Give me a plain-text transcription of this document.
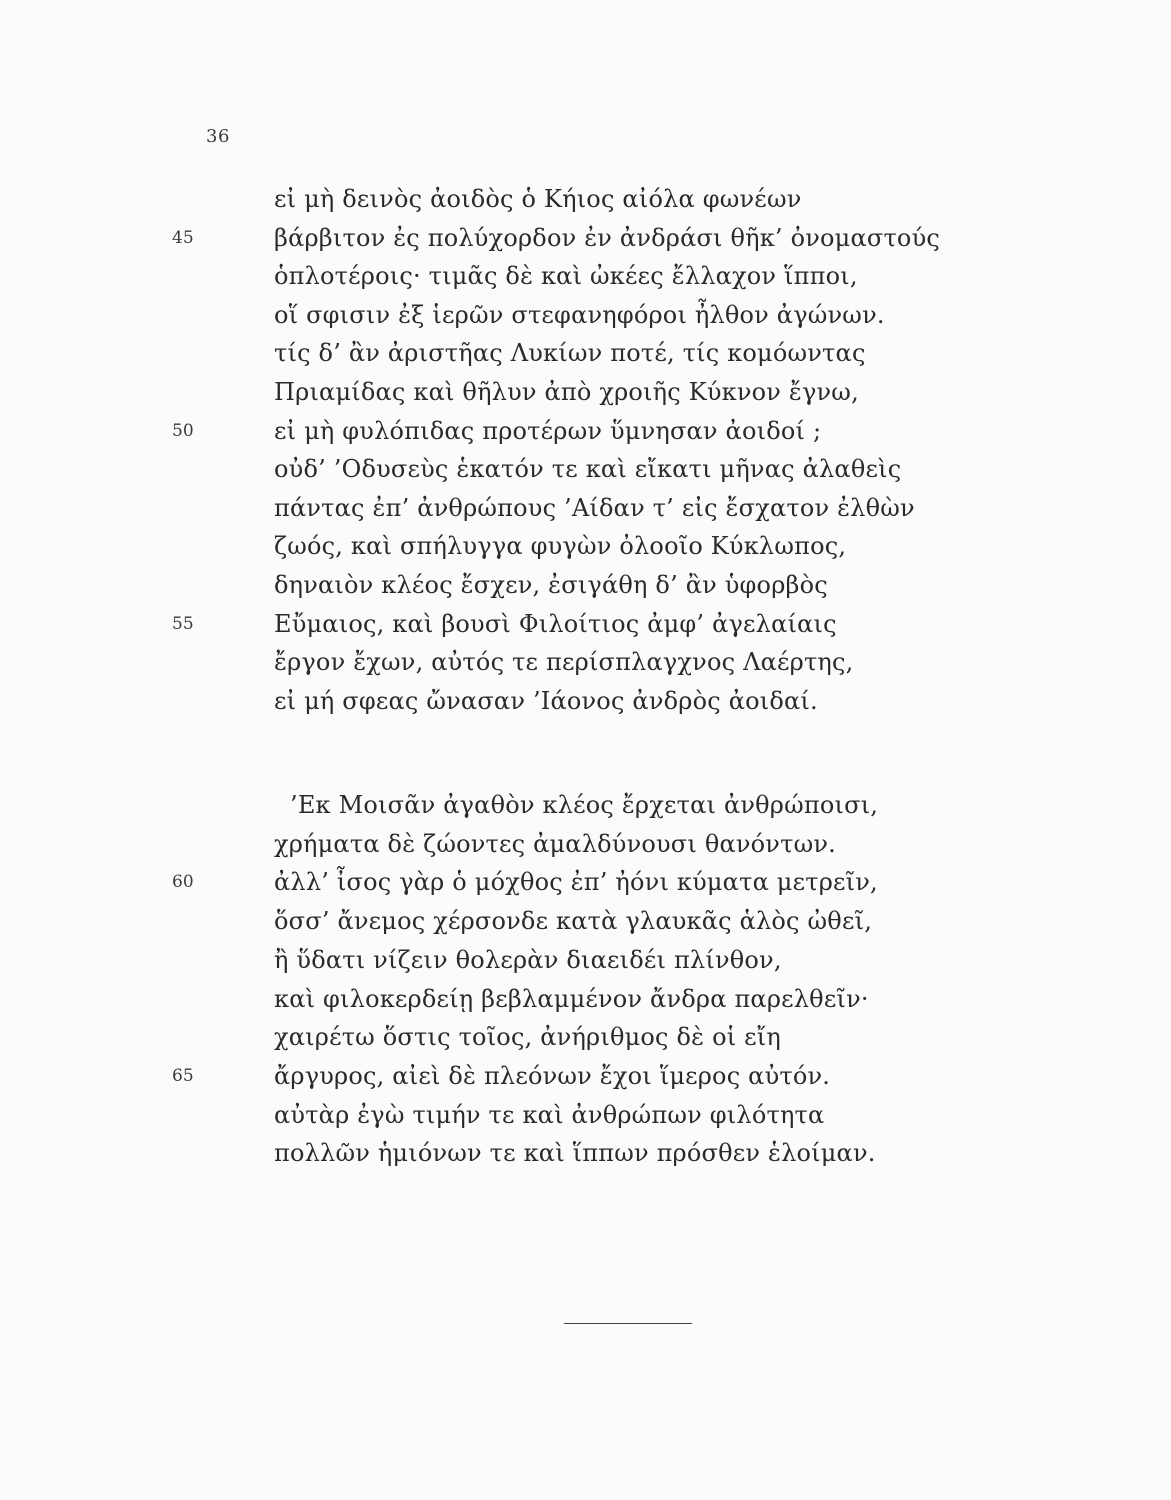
36
εἰ μὴ δεινὸς ἀοιδὸς ὁ Κήιος αἰόλα φωνέων
45	βάρβιτον ἐς πολύχορδον ἐν ἀνδράσι θῆκ’ ὀνομαστούς
ὁπλοτέροις· τιμᾶς δὲ καὶ ὠκέες ἔλλαχον ἵπποι,
οἵ σφισιν ἐξ ἱερῶν στεφανηφόροι ἦλθον ἀγώνων.
τίς δ’ ἂν ἀριστῆας Λυκίων ποτέ, τίς κομόωντας
Πριαμίδας καὶ θῆλυν ἀπὸ χροιῆς Κύκνον ἔγνω,
50	εἰ μὴ φυλόπιδας προτέρων ὕμνησαν ἀοιδοί ;
οὐδ’ ’Οδυσεὺς ἑκατόν τε καὶ εἴκατι μῆνας ἀλαθεὶς
πάντας ἐπ’ ἀνθρώπους ’Αίδαν τ’ εἰς ἔσχατον ἐλθὼν
ζωός, καὶ σπήλυγγα φυγὼν ὀλοοῖο Κύκλωπος,
δηναιὸν κλέος ἔσχεν, ἐσιγάθη δ’ ἂν ὑφορβὸς
55	Εὔμαιος, καὶ βουσὶ Φιλοίτιος ἀμφ’ ἀγελαίαις
ἔργον ἔχων, αὐτός τε περίσπλαγχνος Λαέρτης,
εἰ μή σφεας ὤνασαν ’Ιάονος ἀνδρὸς ἀοιδαί.
’Εκ Μοισᾶν ἀγαθὸν κλέος ἔρχεται ἀνθρώποισι,
χρήματα δὲ ζώοντες ἀμαλδύνουσι θανόντων.
60	ἀλλ’ ἶσος γὰρ ὁ μόχθος ἐπ’ ἠόνι κύματα μετρεῖν,
ὅσσ’ ἄνεμος χέρσονδε κατὰ γλαυκᾶς ἁλὸς ὠθεῖ,
ἢ ὕδατι νίζειν θολερὰν διαειδέι πλίνθον,
καὶ φιλοκερδείῃ βεβλαμμένον ἄνδρα παρελθεῖν·
χαιρέτω ὅστις τοῖος, ἀνήριθμος δὲ οἱ εἴη
65	ἄργυρος, αἰεὶ δὲ πλεόνων ἔχοι ἵμερος αὐτόν.
αὐτὰρ ἐγὼ τιμήν τε καὶ ἀνθρώπων φιλότητα
πολλῶν ἡμιόνων τε καὶ ἵππων πρόσθεν ἑλοίμαν.
